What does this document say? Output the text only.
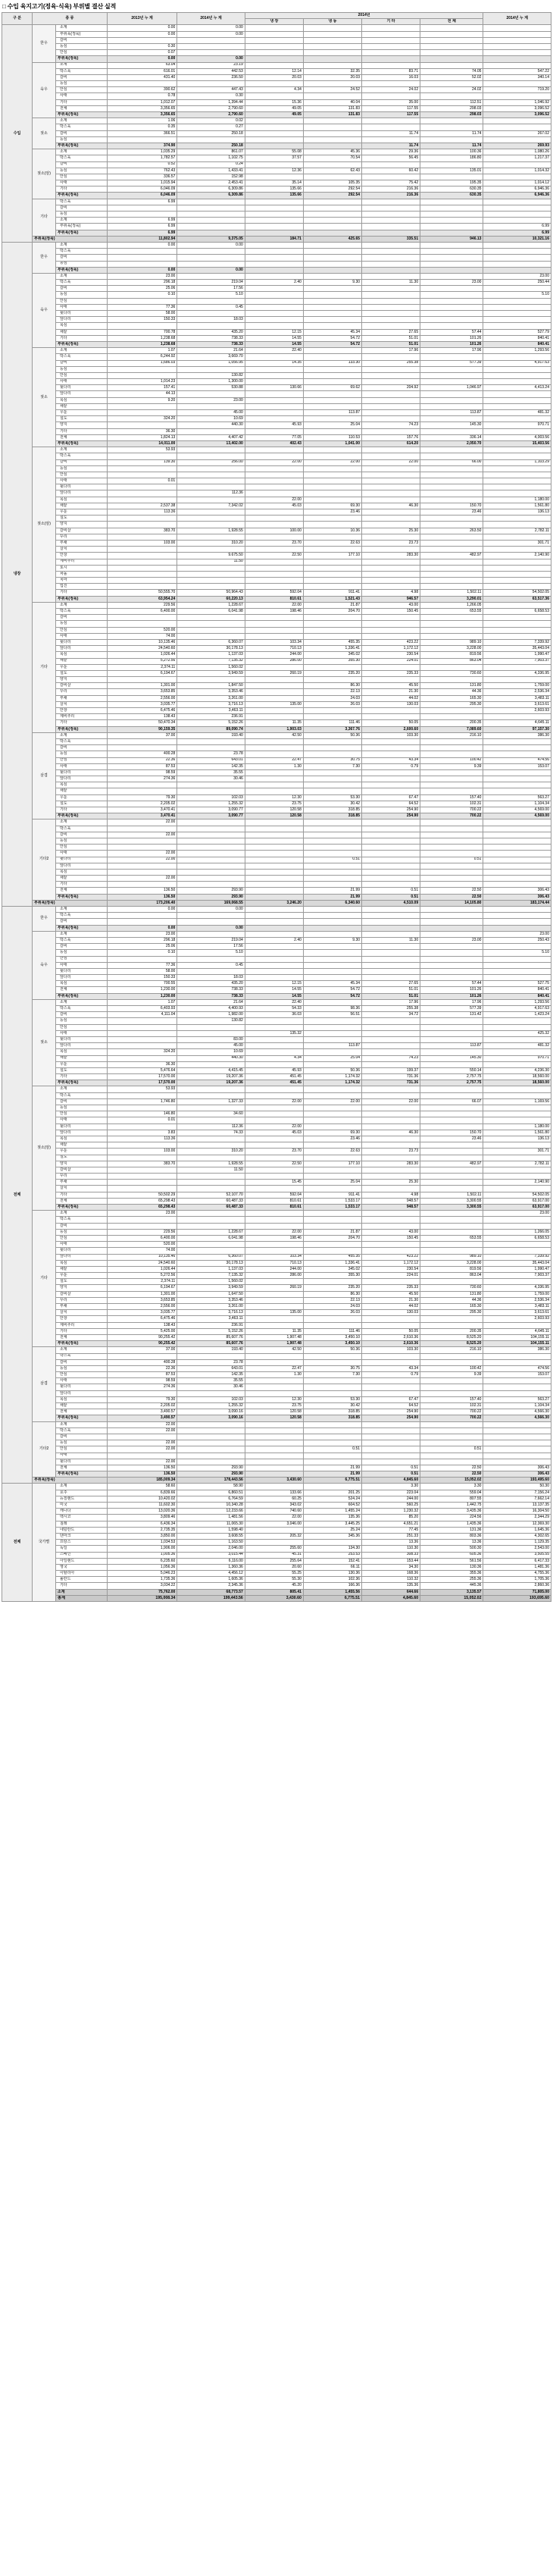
□ 수입 육지고기(정육·식육) 부위별 결산 실적
구 분	종 류		2013년 누 계	2014년 누 계	2014년				2014년 누 계
					냉 장	냉 동	기 타	전 체	
수입	한우	소계	0.00	0.00					
		부위육(정육)	0.00	0.00					
		갈비							
		등심	0.30						
		안심	0.07						
		부위육(정육)	0.00	0.00					
	육우	소계	63.04	23.19					
		박스육	616.01	442.53	12.14	32.35	83.71	74.05	547.22
		갈비	431.40	236.50	20.03	20.03	16.03	52.02	340.14
		등심							
		안심	390.62	447.43	4.34	24.52	24.02	24.02	719.20
		사태	0.78	0.30					
		기타	1,012.07	1,394.44	15.36	40.04	35.00	112.51	1,046.92
		전체	3,356.65	2,790.60	49.05	131.83	117.55	298.03	3,096.52
		부위육(정육)	3,356.65	2,790.60	49.05	131.83	117.55	298.03	3,096.52
	젖소	소계	1.06	0.02					
		박스육	0.35	0.27					
		갈비	366.51	250.18			11.74	11.74	267.02
		등심							
		부위육(정육)	374.90	250.18			11.74	11.74	269.93
	젖소(암)	소계	1,035.29	861.07	55.08	45.36	29.36	100.36	1,080.26
		박스육	1,782.57	1,102.75	37.57	70.54	56.45	186.80	1,217.37
		갈비	0.52	0.24					
		등심	762.43	1,433.41	12.36	62.43	60.42	135.01	1,014.32
		안심	336.57	152.98					
		사태	1,015.94	2,453.41	35.14	105.35	75.42	195.35	1,014.12
		기타	6,046.09	6,309.86	135.66	292.54	216.36	630.35	6,946.36
		부위육(정육)	6,046.09	6,309.86	135.66	292.54	216.36	630.35	6,946.36
	기타	박스육	6.99						
		갈비							
		등심							
		소계	6.99						
		부위육(정육)	6.99						6.99
		부위육(정육)	6.99						6.99
	부위육(정육)		11,802.94	9,375.05	184.71	425.65	335.51	946.13	10,321.16
냉장	한우	소계	0.00	0.00					
		박스육							
		갈비							
		등심							
		부위육(정육)	0.00	0.00					
	육우	소계	23.00						23.00
		박스육	296.18	219.04	2.40	9.30	11.30	23.00	250.44
		갈비	25.06	17.56					
		등심	0.10	5.10					5.10
		안심							
		사태	77.36	0.45					
		뒷다리	58.00						
		앞다리	150.33	18.03					
		목심							
		채끝	700.78	435.20	12.15	45.34	27.65	57.44	527.79
		기타	1,238.68	738.33	14.55	54.72	51.01	101.26	840.41
		부위육(정육)	1,238.68	738.33	14.55	54.72	51.01	101.26	840.41
	젖소	소계	1.07	21.64	22.40		17.96	17.96	1,293.56
		박스육	6,244.92	3,669.70					
		갈비	1,686.03	1,056.95	14.35	133.30	255.38	577.39	4,917.63
		등심							
		안심		130.82					
		사태	1,014.23	1,300.00					
		뒷다리	157.41	530.88	130.66	69.62	204.92	1,046.97	4,413.24
		앞다리	44.13						
		목심	9.20	23.00					
		채끝							
		우둔		45.00		113.87		113.87	481.32
		설도	324.20	10.69					
		양지		440.30	45.93	25.04	74.23	145.30	970.71
		기타	36.30						
		전체	1,824.13	4,407.42	77.05	110.53	157.76	336.14	4,003.56
		부위육(정육)	14,011.00	13,402.00	402.43	1,041.00	614.20	2,050.70	15,403.56
	젖소(암)	소계	53.93						
		박스육							
		갈비	139.30	256.00	22.00	22.00	22.00	66.00	1,103.29
		등심							
		안심							
		사태	0.01						
		뒷다리							
		앞다리		112.36					
		목심			22.00				1,180.00
		채끝	2,537.38	7,342.02	45.03	69.30	46.30	150.70	1,561.80
		우둔	113.36			23.46		23.46	136.13
		설도							
		양지							
		갈비살	383.70	1,928.55	100.00	10.36	25.30	263.50	2,782.11
		꾸리							
		부채	103.00	310.20	23.70	22.63	23.73		301.71
		살치							
		안창		9.675.50	22.50	177.10	283.30	482.97	2,140.90
		제비추리		11.50					
		토시							
		차돌							
		치마							
		업진							
		기타	50,555.70	50,964.43	592.04	911.41	4.98	1,502.11	54,502.05
		부위육(정육)	63,954.24	60,220.13	810.61	1,521.43	946.57	3,290.01	63,517.36
	기타	소계	229.56	1,228.67	22.00	21.87	43.00	1,266.05	
		박스육	6,400.00	6,041.98	198.46	204.70	150.45	653.55	6,658.53
		갈비							
		등심							
		안심	520.00						
		사태	74.00						
		뒷다리	10,135.46	6,360.07	103.34	455.35	423.22	989.10	7,339.92
		앞다리	24,540.60	30,178.13	710.13	1,336.41	1,172.12	3,228.00	35,443.04
		목심	1,026.44	1,137.03	244.00	345.02	230.54	819.56	1,990.47
		채끝	5,272.56	7,135.32	286.00	355.30	224.01	863.04	7,903.37
		우둔	2,374.11	1,560.02					
		설도	6,194.67	3,949.59	260.19	235.20	235.33	730.60	4,336.95
		양지							
		갈비살	1,301.00	1,847.50		86.30	45.50	131.80	1,759.00
		꾸리	3,653.85	3,353.46		22.13	21.30	44.36	2,536.34
		부채	2,556.00	3,261.00		24.03	44.02	165.30	3,483.11
		살치	3,035.77	3,716.13	135.00	26.03	130.03	295.30	3,613.61
		안창	6,475.46	3,463.11					2,603.93
		제비추리	138.43	236.91					
		기타	50,470.34	5,152.26	11.35	111.46	50.05	200.35	4,645.11
		부위육(정육)	90,159.35	89,090.74	1,903.03	3,367.76	2,600.60	7,089.60	97,157.30
	삼겹	소계	37.00	193.40	42.50	50.36	103.30	216.10	386.30
		박스육							
		갈비							
		등심	400.28	23.78					
		안심	22.36	643.01	22.47	30.75	43.34	100.42	474.56
		사태	87.53	142.35	1.30	7.30	0.79	9.39	153.07
		뒷다리	98.59	35.55					
		앞다리	274.36	30.46					
		목심							
		채끝							
		우둔	79.30	102.03	12.30	53.30	67.47	157.40	563.27
		설도	2,205.02	1,255.32	23.75	30.42	64.52	102.31	1,104.34
		기타	3,470.41	3,090.77	120.58	318.85	254.90	700.22	4,569.00
		부위육(정육)	3,470.41	3,090.77	120.58	318.85	254.90	700.22	4,569.00
	기타2	소계	22.00						
		박스육							
		갈비	22.00						
		등심							
		안심							
		사태	22.00						
		뒷다리	22.00			0.51		0.51	
		앞다리							
		목심							
		채끝	22.00						
		기타							
		전체	136.50	293.90		21.99	0.51	22.50	306.43
		부위육(정육)	136.50	293.90		21.99	0.51	22.50	306.43
	부위육(정육)		173,206.40	169,068.55	3,246.20	6,340.60	4,510.09	14,105.80	183,174.44
전체	한우	소계	0.00	0.00					
		박스육							
		갈비							
		부위육(정육)	0.00	0.00					
	육우	소계	23.00						23.00
		박스육	296.18	219.04	2.40	9.30	11.30	23.00	250.43
		갈비	25.06	17.56					
		등심	0.10	5.10					5.10
		안심							
		사태	77.36	0.45					
		뒷다리	58.00						
		앞다리	150.33	18.03					
		목심	700.55	435.20	12.15	45.34	27.65	57.44	527.75
		전체	1,230.00	738.33	14.55	54.72	51.01	101.26	840.41
		부위육(정육)	1,230.00	738.33	14.55	54.72	51.01	101.26	840.41
	젖소	소계	1.07	21.64	22.40		17.96	17.96	1,293.56
		박스육	6,403.93	4,400.93	54.33	98.36	255.38	577.39	4,917.63
		갈비	4,111.04	1,982.00	36.03	56.51	34.72	131.42	1,423.24
		등심		130.82					
		안심							
		사태			135.32				425.32
		뒷다리		83.00					
		앞다리		45.00		113.87		113.87	481.32
		목심	324.20	10.69					
		채끝		440.30	4.34	25.04	74.23	145.30	970.71
		우둔	36.30						
		설도	5,476.64	4,415.45	45.93	50.36	199.37	550.14	4,236.30
		기타	17,570.00	19,207.36	451.45	1,174.32	731.36	2,757.75	18,560.00
		부위육(정육)	17,570.00	19,207.36	451.45	1,174.32	731.36	2,757.75	18,560.00
	젖소(암)	소계	53.93						
		박스육							
		갈비	1,746.80	1,327.33	22.00	22.00	22.00	66.07	1,169.56
		등심							
		안심	146.80	34.60					
		사태	0.01						
		뒷다리		112.36	22.00				1,180.00
		앞다리	3.83	74.33	45.03	69.30	46.30	150.70	1,561.80
		목심	113.36			23.46		23.46	136.13
		채끝							
		우둔	103.00	310.20	23.70	22.63	23.73		301.71
		설도							
		양지	383.70	1,928.55	22.50	177.10	283.30	482.97	2,782.11
		갈비살		11.50					
		꾸리							
		부채			15.45	25.04	25.30		2,140.90
		살치							
		기타	50,502.29	52,107.70	592.04	911.41	4.98	1,502.11	54,502.05
		전체	65,298.43	60,487.33	810.61	1,533.17	948.57	3,300.55	63,917.00
		부위육(정육)	65,298.43	60,487.33	810.61	1,533.17	948.57	3,300.55	63,917.00
	기타	소계	23.00						23.00
		박스육							
		갈비							
		등심	229.56	1,228.67	22.00	21.87	43.00		1,266.05
		안심	6,400.00	6,041.98	198.46	204.70	150.45	653.55	6,658.53
		사태	520.00						
		뒷다리	74.00						
		앞다리	10,135.46	6,360.07	103.34	455.35	423.22	989.10	7,339.92
		목심	24,540.60	30,178.13	710.13	1,336.41	1,172.12	3,228.00	35,443.04
		채끝	1,026.44	1,137.03	244.00	345.02	230.54	819.56	1,990.47
		우둔	5,272.56	7,135.32	286.00	355.30	224.01	863.04	7,903.37
		설도	2,374.11	1,560.02					
		양지	6,194.67	3,949.59	260.19	235.20	235.33	730.60	4,336.95
		갈비살	1,301.00	1,647.50		86.30	45.50	131.80	1,759.00
		꾸리	3,653.85	3,353.46		22.13	21.30	44.36	2,536.34
		부채	2,556.00	3,261.00		24.03	44.02	165.30	3,483.11
		살치	3,035.77	3,716.13	135.00	26.03	130.03	295.30	3,613.61
		안창	6,475.46	3,463.11					2,603.93
		제비추리	138.43	236.91					
		기타	5,425.00	5,152.26	11.35	111.46	50.05	200.35	4,645.11
		전체	90,255.42	85,607.76	1,907.48	3,450.10	2,610.36	8,525.20	104,155.11
		부위육(정육)	90,255.42	85,607.76	1,907.48	3,450.10	2,610.36	8,525.20	104,155.11
	삼겹	소계	37.00	193.40	42.50	50.36	103.30	216.10	386.30
		박스육							
		갈비	400.28	23.78					
		등심	22.36	643.01	22.47	30.75	43.34	100.42	474.56
		안심	87.53	142.35	1.30	7.30	0.79	9.39	153.07
		사태	98.59	35.55					
		뒷다리	274.36	30.46					
		앞다리							
		목심	79.30	102.03	12.30	53.30	67.47	157.40	563.27
		채끝	2,205.02	1,255.32	23.75	30.42	64.52	102.31	1,104.34
		전체	3,490.57	3,090.16	120.58	318.85	254.90	700.22	4,566.30
		부위육(정육)	3,490.57	3,090.16	120.58	318.85	254.90	700.22	4,566.30
	기타2	소계	22.00						
		박스육	22.00						
		갈비							
		등심	22.00						
		안심	22.00			0.51		0.51	
		사태							
		뒷다리	22.00						
		전체	136.50	293.90		21.99	0.51	22.50	306.43
		부위육(정육)	136.50	293.90		21.99	0.51	22.50	306.43
	부위육(정육)		185,009.34	178,443.56	3,430.60	6,775.51	4,845.60	15,052.02	193,495.60
전체	국가별	소계	58.60	58.90			3.30	3.30	50.30
		호주	6,839.66	6,860.51	133.66	201.25	223.04	559.04	7,156.24
		뉴질랜드	10,420.02	6,764.59	60.25	524.24	244.00	807.55	7,662.14
		미국	11,602.30	10,340.28	343.02	604.52	560.25	1,442.75	13,137.35
		캐나다	13,020.36	12,233.66	740.60	1,455.24	1,230.32	3,435.36	16,304.50
		멕시코	3,809.46	1,481.56	22.00	135.36	85.20	224.56	2,344.29
		칠레	6,436.34	11,065.30	3,046.00	3,445.25	4,651.21	1,435.36	12,369.30
		네덜란드	2,735.35	1,598.40		25.24	77.45	131.36	1,645.36
		덴마크	3,850.00	3,608.55	205.32	345.36	251.33	803.36	4,302.65
		프랑스	1,034.53	1,163.50			13.36	13.36	1,129.35
		독일	1,906.00	2,046.00	255.60	134.30	110.30	500.30	2,543.00
		스페인	1,005.36	3,015.44	45.31	253.53	308.33	605.36	3,505.55
		아일랜드	6,235.60	6,116.00	255.64	152.41	153.44	561.56	6,417.33
		영국	1,056.36	1,360.36	20.60	66.11	34.30	130.36	1,481.36
		이탈리아	5,046.23	4,456.12	55.25	130.36	168.36	355.36	4,755.36
		폴란드	1,735.36	1,605.36	55.30	102.36	110.32	255.36	1,705.36
		기타	3,034.22	2,345.36	45.20	166.36	135.36	445.36	2,860.36
		소계	75,762.00	68,773.57	805.41	1,455.56	644.66	3,135.57	71,805.00
		총계	195,008.34	199,443.56	3,430.60	6,775.51	4,845.60	15,052.02	193,695.60
